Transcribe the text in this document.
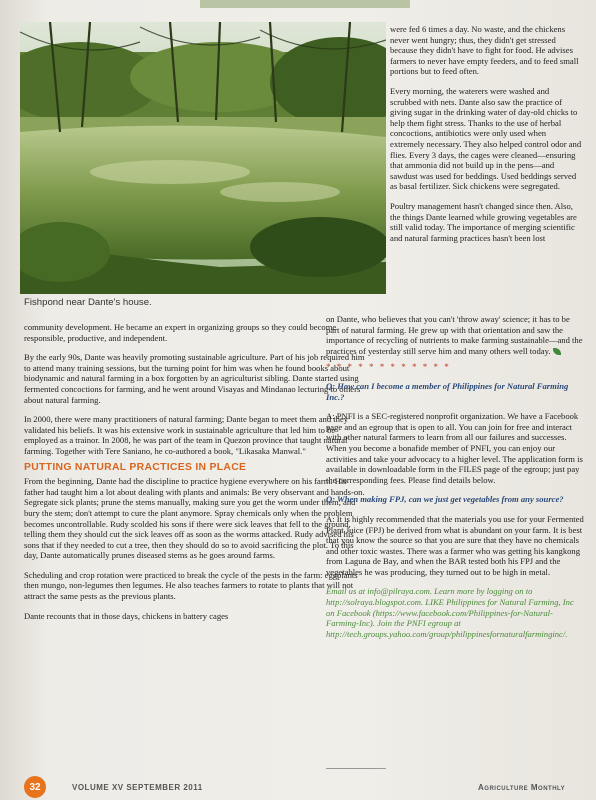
Fishpond near Dante's house.

community development. He became an expert in organizing groups so they could become responsible, productive, and independent.

By the early 90s, Dante was heavily promoting sustainable agriculture. Part of his job required him to attend many training sessions, but the turning point for him was when he found books about biodynamic and natural farming in a box forgotten by an agriculturist sibling. Dante started using fermented concoctions for farming, and he went around Visayas and Mindanao lecturing to others about natural farming.

In 2000, there were many practitioners of natural farming; Dante began to meet them and they validated his beliefs. It was his extensive work in sustainable agriculture that led him to be employed as a trainor. In 2008, he was part of the team in Quezon province that taught natural farming. Together with Tere Saniano, he co-authored a book, "Likasaka Manwal."

PUTTING NATURAL PRACTICES IN PLACE

From the beginning, Dante had the discipline to practice hygiene everywhere on his farm. His father had taught him a lot about dealing with plants and animals: Be very observant and hands-on. Segregate sick plants; prune the stems manually, making sure you get the worm under them, and bury the stem; don't attempt to cure the plant anymore. Spray chemicals only when the problem becomes uncontrollable. Rudy scolded his sons if there were sick leaves that fell to the ground, telling them they should cut the sick leaves off as soon as the worms attacked. Rudy advised his sons that if they needed to cut a tree, then they should do so to avoid sacrificing the plot. To this day, Dante automatically prunes diseased stems as he goes around farms.

Scheduling and crop rotation were practiced to break the cycle of the pests in the farm: eggplants then mungo, non-legumes then legumes. He also teaches farmers to rotate to plants that will not attract the same pests as the previous plants.

Dante recounts that in those days, chickens in battery cages

were fed 6 times a day. No waste, and the chickens never went hungry; thus, they didn't get stressed because they didn't have to fight for food. He advises farmers to never have empty feeders, and to feed small portions but to feed often.

Every morning, the waterers were washed and scrubbed with nets. Dante also saw the practice of giving sugar in the drinking water of day-old chicks to help them fight stress. Thanks to the use of herbal concoctions, antibiotics were only used when extremely necessary. They also helped control odor and flies. Every 3 days, the cages were cleaned—ensuring that ammonia did not build up in the pens—and sawdust was used for beddings. Used beddings served as basal fertilizer. Sick chickens were segregated.

Poultry management hasn't changed since then. Also, the things Dante learned while growing vegetables are still valid today. The importance of merging scientific and natural farming practices hasn't been lost

on Dante, who believes that you can't 'throw away' science; it has to be part of natural farming. He grew up with that orientation and saw the importance of recycling of nutrients to make farming sustainable—and the practices of yesterday still serve him and many others well today.

* * * * * * * * * * * *

Q: How can I become a member of Philippines for Natural Farming Inc.?

A: PNFI is a SEC-registered nonprofit organization. We have a Facebook page and an egroup that is open to all. You can join for free and interact with other natural farmers to learn from all our failures and successes. When you become a bonafide member of PNFI, you can enjoy our activities and take your advocacy to a higher level. The application form is available in downloadable form in the FILES page of the egroup; just pay the corresponding fees. Please find details below.

Q: When making FPJ, can we just get vegetables from any source?

A: It is highly recommended that the materials you use for your Fermented Plant Juice (FPJ) be derived from what is abundant on your farm. It is best that you know the source so that you are sure that they have no chemicals and other toxic wastes. There was a farmer who was getting his kangkong from Laguna de Bay, and when the BAR tested both his FPJ and the vegetables he was producing, they turned out to be high in metal.

Email us at info@pilraya.com. Learn more by logging on to http://solraya.blogspot.com. LIKE Philippines for Natural Farming, Inc on Facebook (https://www.facebook.com/Philippines-for-Natural-Farming-Inc). Join the PNFI egroup at http://tech.groups.yahoo.com/group/philippinesfornaturalfarminginc/.

32	VOLUME XV SEPTEMBER 2011	Agriculture Monthly
